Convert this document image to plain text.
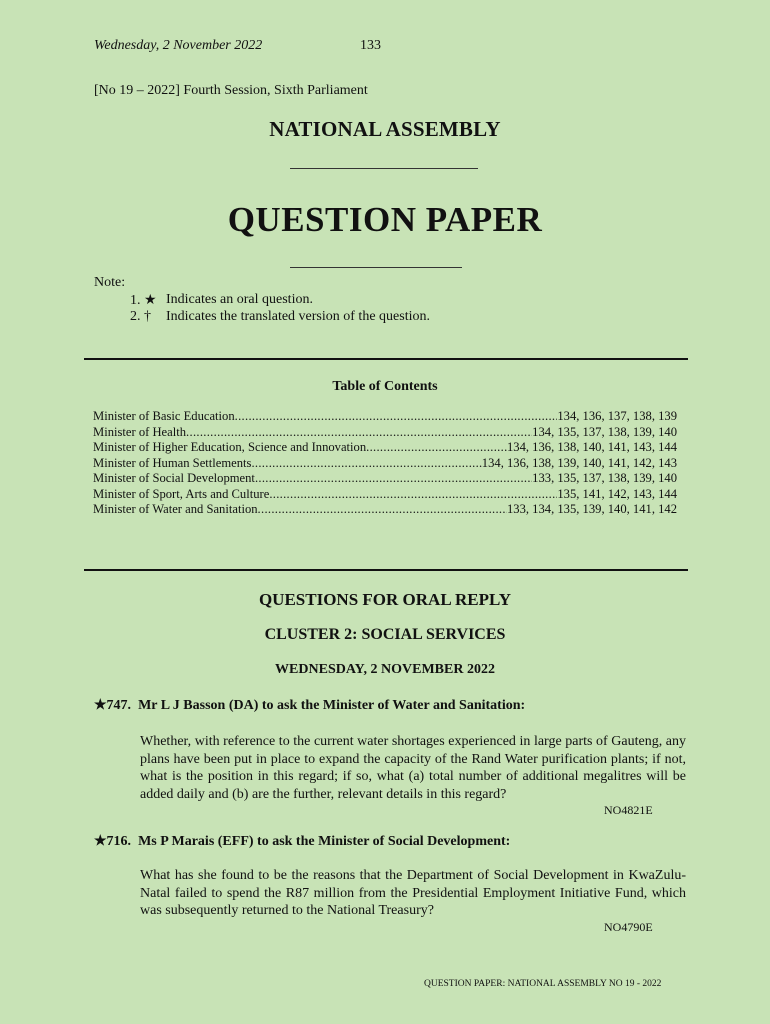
Wednesday, 2 November 2022	133
[No 19 – 2022] Fourth Session, Sixth Parliament
NATIONAL ASSEMBLY
QUESTION PAPER
Note:
1. ★ Indicates an oral question.
2. † Indicates the translated version of the question.
Table of Contents
Minister of Basic Education .....	134, 136, 137, 138, 139
Minister of Health .....	134, 135, 137, 138, 139, 140
Minister of Higher Education, Science and Innovation .....	134, 136, 138, 140, 141, 143, 144
Minister of Human Settlements .....	134, 136, 138, 139, 140, 141, 142, 143
Minister of Social Development .....	133, 135, 137, 138, 139, 140
Minister of Sport, Arts and Culture .....	135, 141, 142, 143, 144
Minister of Water and Sanitation .....	133, 134, 135, 139, 140, 141, 142
QUESTIONS FOR ORAL REPLY
CLUSTER 2: SOCIAL SERVICES
WEDNESDAY, 2 NOVEMBER 2022
★747. Mr L J Basson (DA) to ask the Minister of Water and Sanitation:
Whether, with reference to the current water shortages experienced in large parts of Gauteng, any plans have been put in place to expand the capacity of the Rand Water purification plants; if not, what is the position in this regard; if so, what (a) total number of additional megalitres will be added daily and (b) are the further, relevant details in this regard?
NO4821E
★716. Ms P Marais (EFF) to ask the Minister of Social Development:
What has she found to be the reasons that the Department of Social Development in KwaZulu-Natal failed to spend the R87 million from the Presidential Employment Initiative Fund, which was subsequently returned to the National Treasury?
NO4790E
QUESTION PAPER: NATIONAL ASSEMBLY NO 19 - 2022
